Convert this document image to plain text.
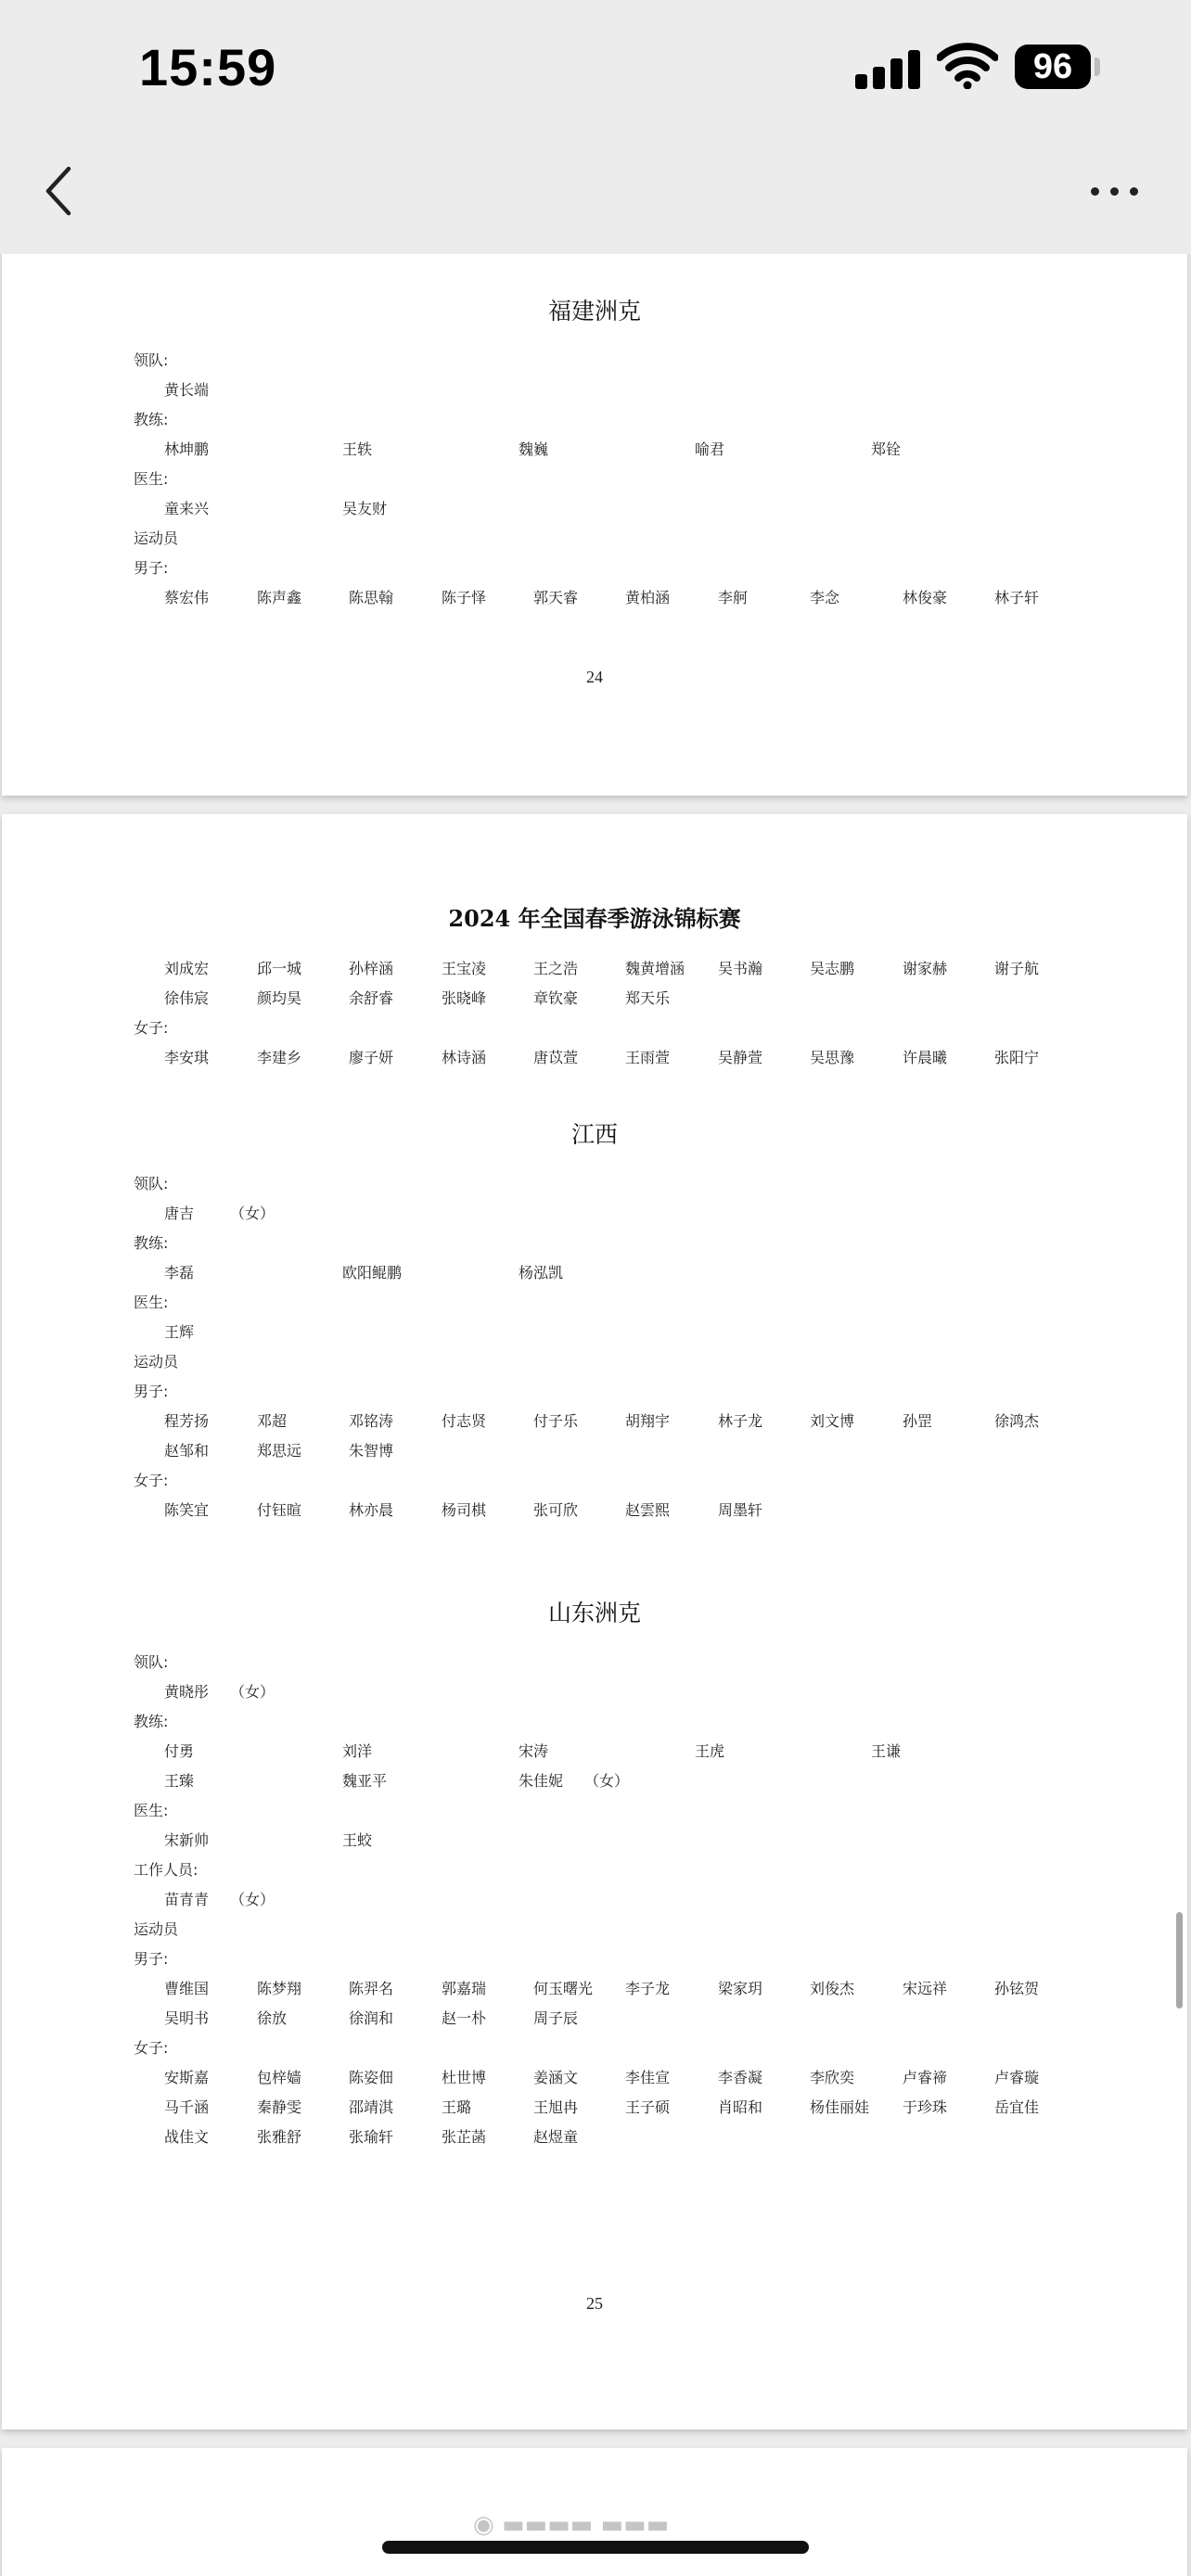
15:59	96
福建洲克
领队:
黄长端
教练:
林坤鹏	王轶	魏巍	喻君	郑铨
医生:
童来兴	吴友财
运动员
男子:
蔡宏伟	陈声鑫	陈思翰	陈子怿	郭天睿	黄柏涵	李舸	李念	林俊豪	林子轩
24
2024 年全国春季游泳锦标赛
刘成宏	邱一城	孙梓涵	王宝凌	王之浩	魏黄增涵 吴书瀚	吴志鹏	谢家赫	谢子航
徐伟宸	颜均昊	余舒睿	张晓峰	章钦豪	郑天乐
女子:
李安琪	李建乡	廖子妍	林诗涵	唐苡萱	王雨萱	吴静萱	吴思豫	许晨曦	张阳宁
江西
领队:
唐吉 （女）
教练:
李磊	欧阳鲲鹏	杨泓凯
医生:
王辉
运动员
男子:
程芳扬	邓超	邓铭涛	付志贤	付子乐	胡翔宇	林子龙	刘文博	孙罡	徐鸿杰
赵邹和	郑思远	朱智博
女子:
陈笑宜	付钰暄	林亦晨	杨司棋	张可欣	赵雲熙	周墨轩
山东洲克
领队:
黄晓彤 （女）
教练:
付勇	刘洋	宋涛	王虎	王谦
王臻	魏亚平	朱佳妮 （女）
医生:
宋新帅	王蛟
工作人员:
苗青青 （女）
运动员
男子:
曹维国	陈梦翔	陈羿名	郭嘉瑞	何玉曙光 李子龙	梁家玥	刘俊杰	宋远祥	孙铉贺
吴明书	徐放	徐润和	赵一朴	周子辰
女子:
安斯嘉	包梓嫱	陈姿佃	杜世博	姜涵文	李佳宣	李香凝	李欣奕	卢睿禘	卢睿璇
马千涵	秦静雯	邵靖淇	王璐	王旭冉	王子硕	肖昭和	杨佳丽娃 于珍珠	岳宜佳
战佳文	张雅舒	张瑜轩	张芷菡	赵煜童
25
◉ ▬▬▬▬ ▬▬▬
